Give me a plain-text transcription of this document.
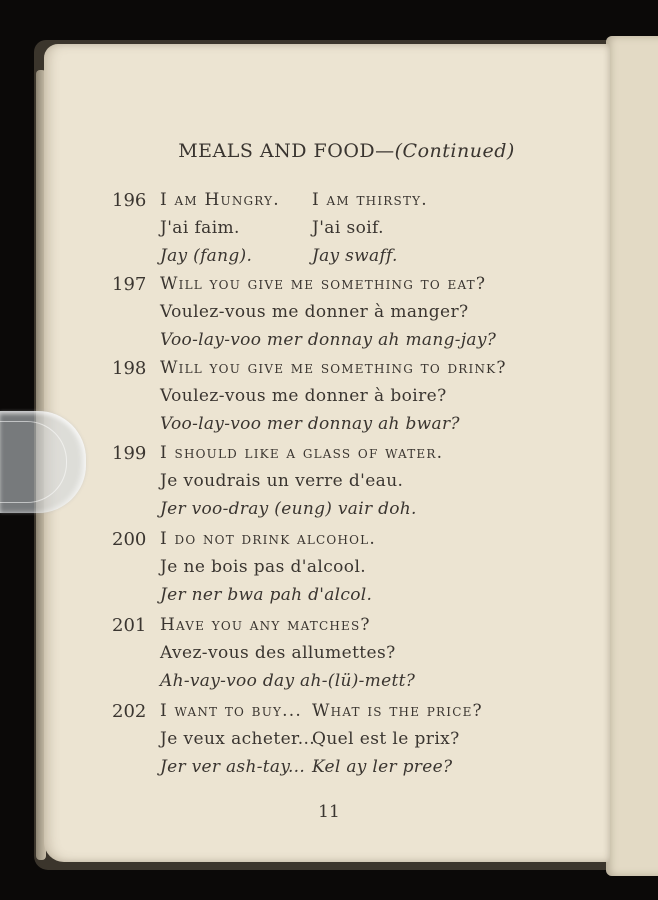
MEALS AND FOOD—(Continued)
196 I am Hungry.
J'ai faim.
Jay (fang).
I am thirsty.
J'ai soif.
Jay swaff.
197 Will you give me something to eat?
Voulez-vous me donner à manger?
Voo-lay-voo mer donnay ah mang-jay?
198 Will you give me something to drink?
Voulez-vous me donner à boire?
Voo-lay-voo mer donnay ah bwar?
199 I should like a glass of water.
Je voudrais un verre d'eau.
Jer voo-dray (eung) vair doh.
200 I do not drink alcohol.
Je ne bois pas d'alcool.
Jer ner bwa pah d'alcol.
201 Have you any matches?
Avez-vous des allumettes?
Ah-vay-voo day ah-(lü)-mett?
202 I want to buy...
Je veux acheter...
Jer ver ash-tay...
What is the price?
Quel est le prix?
Kel ay ler pree?
11
